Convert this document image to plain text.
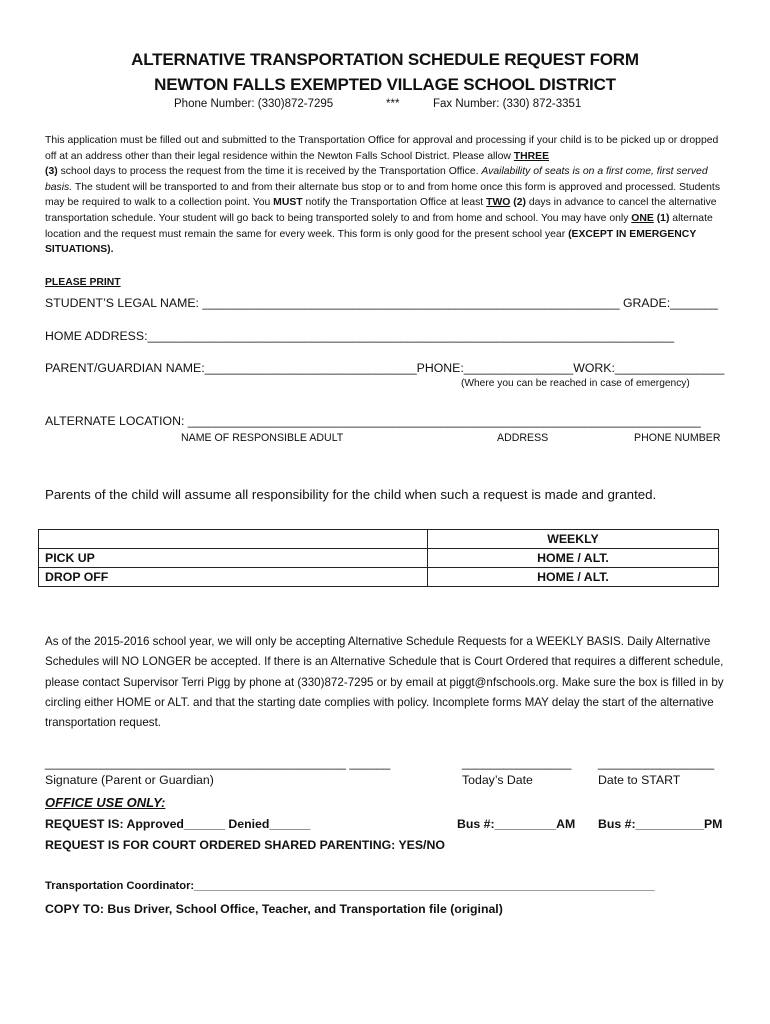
ALTERNATIVE TRANSPORTATION SCHEDULE REQUEST FORM
NEWTON FALLS EXEMPTED VILLAGE SCHOOL DISTRICT
Phone Number: (330)872-7295	***	Fax Number: (330) 872-3351

This application must be filled out and submitted to the Transportation Office for approval and processing if your child is to be picked up or dropped off at an address other than their legal residence within the Newton Falls School District. Please allow THREE
(3) school days to process the request from the time it is received by the Transportation Office. Availability of seats is on a first come, first served basis. The student will be transported to and from their alternate bus stop or to and from home once this form is approved and processed. Students may be required to walk to a collection point. You MUST notify the Transportation Office at least TWO (2) days in advance to cancel the alternative transportation schedule. Your student will go back to being transported solely to and from home and school. You may have only ONE (1) alternate location and the request must remain the same for every week. This form is only good for the present school year (EXCEPT IN EMERGENCY SITUATIONS).

PLEASE PRINT
STUDENT’S LEGAL NAME: _____________________________________________________________ GRADE:_______
HOME ADDRESS:_____________________________________________________________________________
PARENT/GUARDIAN NAME:_______________________________PHONE:________________WORK:________________
(Where you can be reached in case of emergency)
ALTERNATE LOCATION: ___________________________________________________________________________
NAME OF RESPONSIBLE ADULT	ADDRESS	PHONE NUMBER
Parents of the child will assume all responsibility for the child when such a request is made and granted.
	WEEKLY
PICK UP	HOME / ALT.
DROP OFF	HOME / ALT.

As of the 2015-2016 school year, we will only be accepting Alternative Schedule Requests for a WEEKLY BASIS. Daily Alternative Schedules will NO LONGER be accepted. If there is an Alternative Schedule that is Court Ordered that requires a different schedule, please contact Supervisor Terri Pigg by phone at (330)872-7295 or by email at piggt@nfschools.org. Make sure the box is filled in by circling either HOME or ALT. and that the starting date complies with policy. Incomplete forms MAY delay the start of the alternative transportation request.

____________________________________________ ______
Signature (Parent or Guardian)
________________
Today’s Date
_________________
Date to START
OFFICE USE ONLY:
REQUEST IS: Approved______ Denied______	Bus #:_________AM Bus #:__________PM
REQUEST IS FOR COURT ORDERED SHARED PARENTING: YES/NO
Transportation Coordinator:__________________________________________________________________________
COPY TO: Bus Driver, School Office, Teacher, and Transportation file (original)
